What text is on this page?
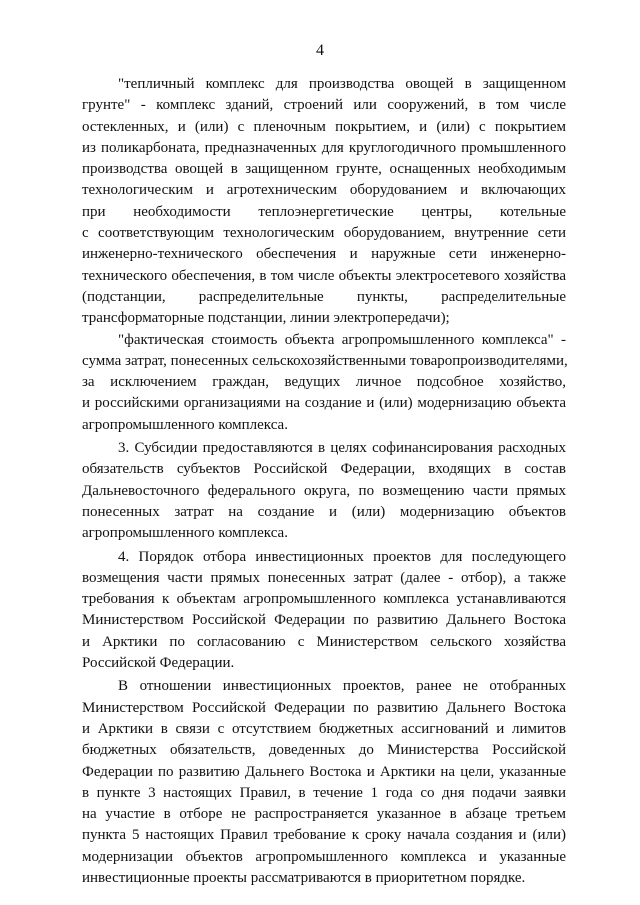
4
"тепличный комплекс для производства овощей в защищенном
грунте" - комплекс зданий, строений или сооружений, в том числе
остекленных, и (или) с пленочным покрытием, и (или) с покрытием
из поликарбоната, предназначенных для круглогодичного промышленного
производства овощей в защищенном грунте, оснащенных необходимым
технологическим и агротехническим оборудованием и включающих
при необходимости теплоэнергетические центры, котельные
с соответствующим технологическим оборудованием, внутренние сети
инженерно-технического обеспечения и наружные сети инженерно-
технического обеспечения, в том числе объекты электросетевого хозяйства
(подстанции, распределительные пункты, распределительные
трансформаторные подстанции, линии электропередачи);
"фактическая стоимость объекта агропромышленного комплекса" -
сумма затрат, понесенных сельскохозяйственными товаропроизводителями,
за исключением граждан, ведущих личное подсобное хозяйство,
и российскими организациями на создание и (или) модернизацию объекта
агропромышленного комплекса.
3. Субсидии предоставляются в целях софинансирования расходных
обязательств субъектов Российской Федерации, входящих в состав
Дальневосточного федерального округа, по возмещению части прямых
понесенных затрат на создание и (или) модернизацию объектов
агропромышленного комплекса.
4. Порядок отбора инвестиционных проектов для последующего
возмещения части прямых понесенных затрат (далее - отбор), а также
требования к объектам агропромышленного комплекса устанавливаются
Министерством Российской Федерации по развитию Дальнего Востока
и Арктики по согласованию с Министерством сельского хозяйства
Российской Федерации.
В отношении инвестиционных проектов, ранее не отобранных
Министерством Российской Федерации по развитию Дальнего Востока
и Арктики в связи с отсутствием бюджетных ассигнований и лимитов
бюджетных обязательств, доведенных до Министерства Российской
Федерации по развитию Дальнего Востока и Арктики на цели, указанные
в пункте 3 настоящих Правил, в течение 1 года со дня подачи заявки
на участие в отборе не распространяется указанное в абзаце третьем
пункта 5 настоящих Правил требование к сроку начала создания и (или)
модернизации объектов агропромышленного комплекса и указанные
инвестиционные проекты рассматриваются в приоритетном порядке.
